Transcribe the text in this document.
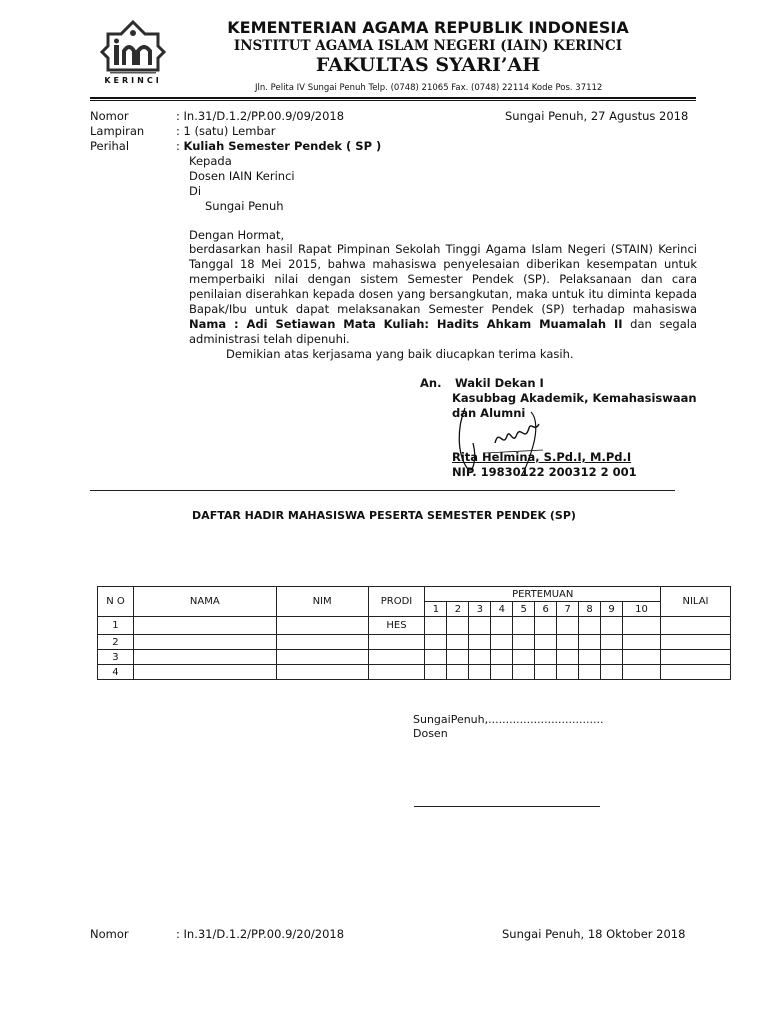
KERINCI
KEMENTERIAN AGAMA REPUBLIK INDONESIA
INSTITUT AGAMA ISLAM NEGERI (IAIN) KERINCI
FAKULTAS SYARI’AH
Jln. Pelita IV Sungai Penuh Telp. (0748) 21065 Fax. (0748) 22114 Kode Pos. 37112
Nomor	: In.31/D.1.2/PP.00.9/09/2018	Sungai Penuh, 27 Agustus 2018
Lampiran	: 1 (satu) Lembar
Perihal	: Kuliah Semester Pendek ( SP )
Kepada
Dosen IAIN Kerinci
Di
Sungai Penuh
Dengan Hormat,
berdasarkan hasil Rapat Pimpinan Sekolah Tinggi Agama Islam Negeri (STAIN) Kerinci Tanggal 18 Mei 2015, bahwa mahasiswa penyelesaian diberikan kesempatan untuk memperbaiki nilai dengan sistem Semester Pendek (SP). Pelaksanaan dan cara penilaian diserahkan kepada dosen yang bersangkutan, maka untuk itu diminta kepada Bapak/Ibu untuk dapat melaksanakan Semester Pendek (SP) terhadap mahasiswa Nama : Adi Setiawan Mata Kuliah: Hadits Ahkam Muamalah II dan segala administrasi telah dipenuhi.
Demikian atas kerjasama yang baik diucapkan terima kasih.
An. Wakil Dekan I
Kasubbag Akademik, Kemahasiswaan
dan Alumni
Rita Helmina, S.Pd.I, M.Pd.I
NIP. 19830122 200312 2 001
DAFTAR HADIR MAHASISWA PESERTA SEMESTER PENDEK (SP)
N O	NAMA	NIM	PRODI	PERTEMUAN										NILAI
				1	2	3	4	5	6	7	8	9	10	
1			HES											
2														
3														
4														
SungaiPenuh,.................................
Dosen
Nomor	: In.31/D.1.2/PP.00.9/20/2018	Sungai Penuh, 18 Oktober 2018
